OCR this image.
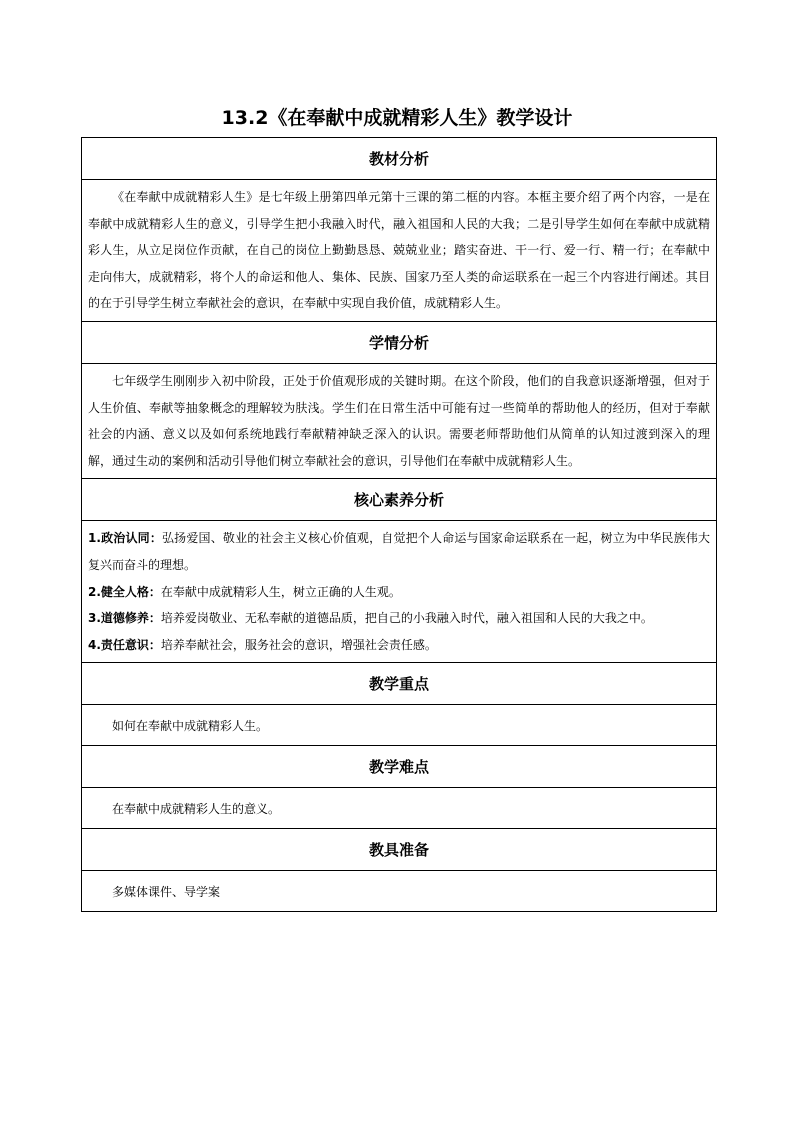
13.2《在奉献中成就精彩人生》教学设计
教材分析

《在奉献中成就精彩人生》是七年级上册第四单元第十三课的第二框的内容。本框主要介绍了两个内容，一是在奉献中成就精彩人生的意义，引导学生把小我融入时代，融入祖国和人民的大我；二是引导学生如何在奉献中成就精彩人生，从立足岗位作贡献，在自己的岗位上勤勤恳恳、兢兢业业；踏实奋进、干一行、爱一行、精一行；在奉献中走向伟大，成就精彩，将个人的命运和他人、集体、民族、国家乃至人类的命运联系在一起三个内容进行阐述。其目的在于引导学生树立奉献社会的意识，在奉献中实现自我价值，成就精彩人生。

学情分析

七年级学生刚刚步入初中阶段，正处于价值观形成的关键时期。在这个阶段，他们的自我意识逐渐增强，但对于人生价值、奉献等抽象概念的理解较为肤浅。学生们在日常生活中可能有过一些简单的帮助他人的经历，但对于奉献社会的内涵、意义以及如何系统地践行奉献精神缺乏深入的认识。需要老师帮助他们从简单的认知过渡到深入的理解，通过生动的案例和活动引导他们树立奉献社会的意识，引导他们在奉献中成就精彩人生。

核心素养分析

1.政治认同：弘扬爱国、敬业的社会主义核心价值观，自觉把个人命运与国家命运联系在一起，树立为中华民族伟大复兴而奋斗的理想。

2.健全人格：在奉献中成就精彩人生，树立正确的人生观。

3.道德修养：培养爱岗敬业、无私奉献的道德品质，把自己的小我融入时代，融入祖国和人民的大我之中。

4.责任意识：培养奉献社会，服务社会的意识，增强社会责任感。

教学重点

如何在奉献中成就精彩人生。

教学难点

在奉献中成就精彩人生的意义。

教具准备

多媒体课件、导学案
